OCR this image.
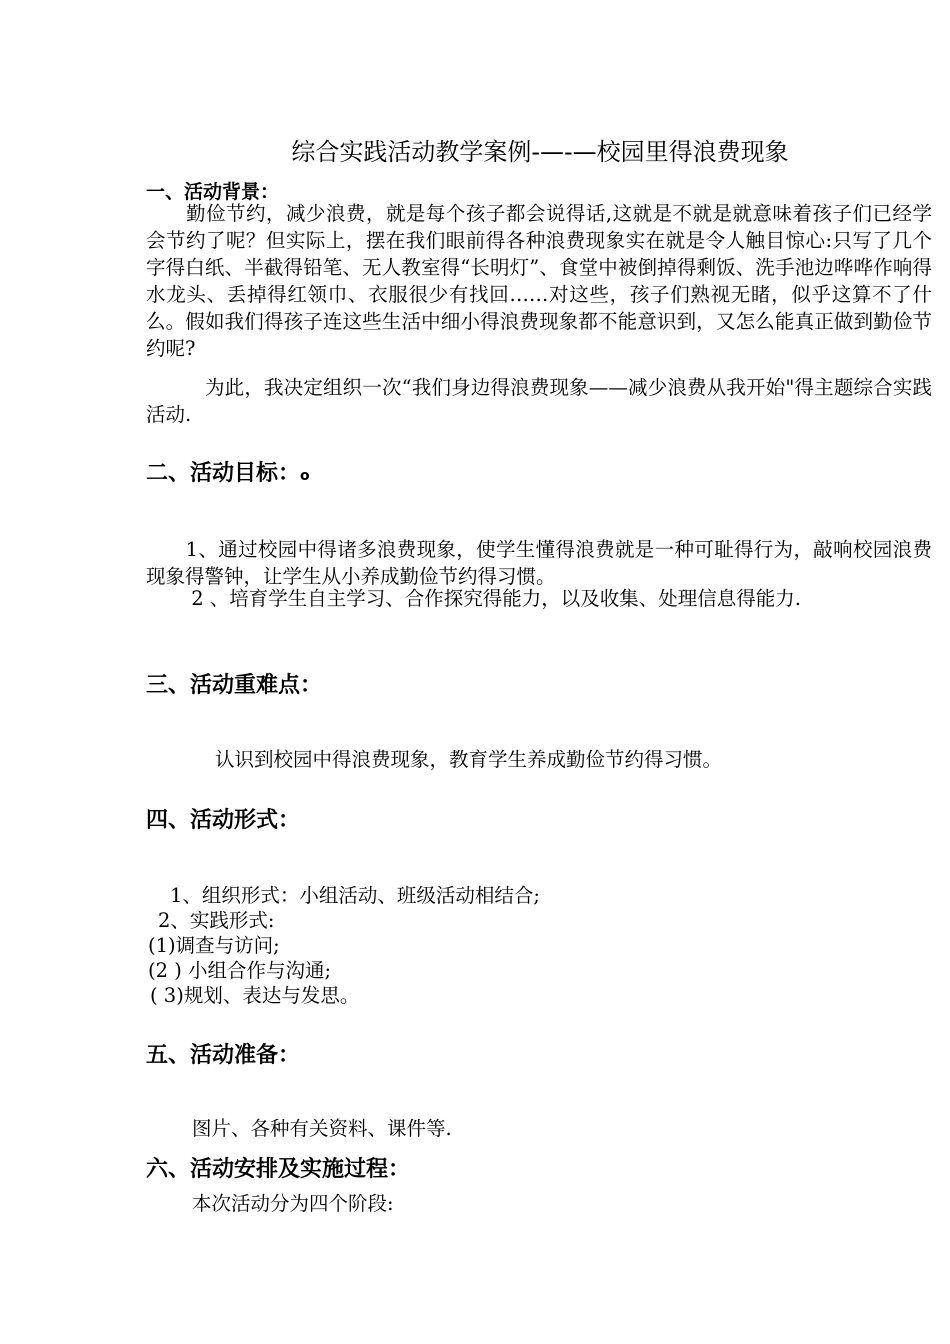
综合实践活动教学案例-—-—校园里得浪费现象
一、活动背景：
　　勤俭节约，减少浪费，就是每个孩子都会说得话,这就是不就是就意味着孩子们已经学会节约了呢？但实际上，摆在我们眼前得各种浪费现象实在就是令人触目惊心:只写了几个字得白纸、半截得铅笔、无人教室得“长明灯”、食堂中被倒掉得剩饭、洗手池边哗哗作响得水龙头、丢掉得红领巾、衣服很少有找回……对这些，孩子们熟视无睹，似乎这算不了什么。假如我们得孩子连这些生活中细小得浪费现象都不能意识到，又怎么能真正做到勤俭节约呢?
　　　为此，我决定组织一次“我们身边得浪费现象——减少浪费从我开始"得主题综合实践活动.
二、活动目标：o
　　1、通过校园中得诸多浪费现象，使学生懂得浪费就是一种可耻得行为，敲响校园浪费现象得警钟，让学生从小养成勤俭节约得习惯。
　　 2 、培育学生自主学习、合作探究得能力，以及收集、处理信息得能力.
三、活动重难点：
认识到校园中得浪费现象，教育学生养成勤俭节约得习惯。
四、活动形式：
1、组织形式：小组活动、班级活动相结合;
2、实践形式:
(1)调查与访问;
(2 ) 小组合作与沟通;
( 3)规划、表达与发思。
五、活动准备：
图片、各种有关资料、课件等.
六、活动安排及实施过程：
本次活动分为四个阶段:
